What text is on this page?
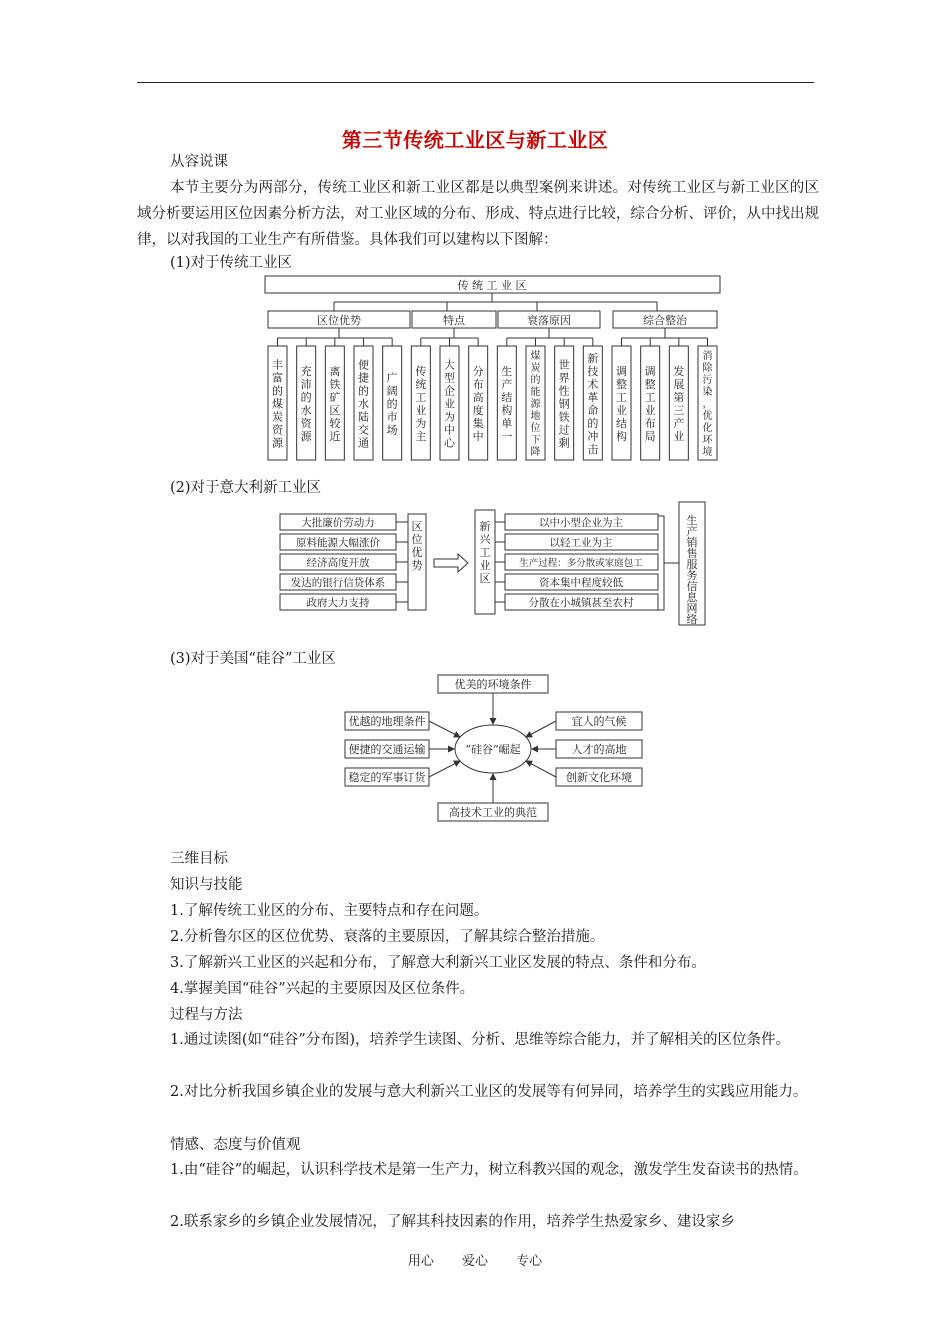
第三节传统工业区与新工业区
从容说课
本节主要分为两部分，传统工业区和新工业区都是以典型案例来讲述。对传统工业区与新工业区的区域分析要运用区位因素分析方法，对工业区域的分布、形成、特点进行比较，综合分析、评价，从中找出规律，以对我国的工业生产有所借鉴。具体我们可以建构以下图解：
(1)对于传统工业区
传 统 工 业 区
区位优势	特点	衰落原因	综合整治
丰富的煤炭资源
充沛的水资源
离铁矿区较近
便捷的水陆交通
广阔的市场
传统工业为主
大型企业为中心
分布高度集中
生产结构单一
煤炭的能源地位下降
世界性钢铁过剩
新技术革命的冲击
调整工业结构
调整工业布局
发展第三产业
消除污染，优化环境
(2)对于意大利新工业区
区位优势
新兴工业区
生产销售服务信息网络
大批廉价劳动力
原料能源大幅涨价
经济高度开放
发达的银行信贷体系
政府大力支持
以中小型企业为主
以轻工业为主
生产过程：多分散或家庭包工
资本集中程度较低
分散在小城镇甚至农村
(3)对于美国“硅谷”工业区
“硅谷”崛起
优美的环境条件
高技术工业的典范
优越的地理条件
便捷的交通运输
稳定的军事订货
宜人的气候
人才的高地
创新文化环境
三维目标
知识与技能
1.了解传统工业区的分布、主要特点和存在问题。
2.分析鲁尔区的区位优势、衰落的主要原因，了解其综合整治措施。
3.了解新兴工业区的兴起和分布，了解意大利新兴工业区发展的特点、条件和分布。
4.掌握美国“硅谷”兴起的主要原因及区位条件。
过程与方法
1.通过读图(如“硅谷”分布图)，培养学生读图、分析、思维等综合能力，并了解相关的区位条件。
2.对比分析我国乡镇企业的发展与意大利新兴工业区的发展等有何异同，培养学生的实践应用能力。
情感、态度与价值观
1.由“硅谷”的崛起，认识科学技术是第一生产力，树立科教兴国的观念，激发学生发奋读书的热情。
2.联系家乡的乡镇企业发展情况，了解其科技因素的作用，培养学生热爱家乡、建设家乡
用心 爱心 专心
